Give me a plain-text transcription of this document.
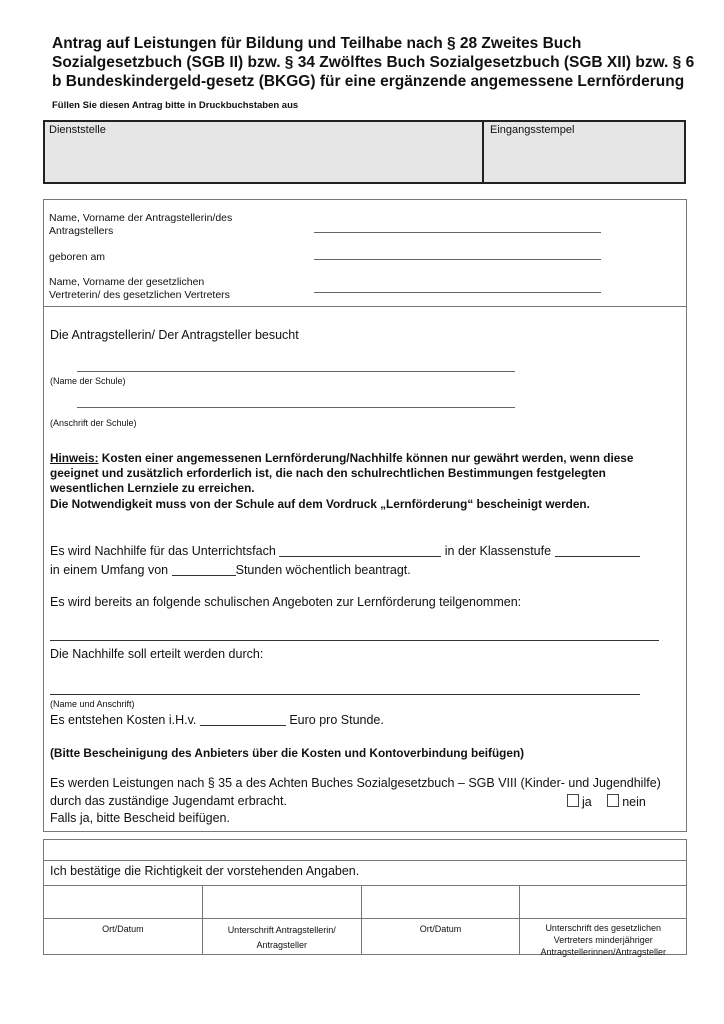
Antrag auf Leistungen für Bildung und Teilhabe nach § 28 Zweites Buch Sozialgesetzbuch (SGB II) bzw. § 34 Zwölftes Buch Sozialgesetzbuch (SGB XII) bzw. § 6 b Bundeskindergeld-gesetz (BKGG) für eine ergänzende angemessene Lernförderung
Füllen Sie diesen Antrag bitte in Druckbuchstaben aus
Dienststelle	Eingangsstempel
Name, Vorname der Antragstellerin/des
Antragstellers
geboren am
Name, Vorname der gesetzlichen
Vertreterin/ des gesetzlichen Vertreters
Die Antragstellerin/ Der Antragsteller besucht
(Name der Schule)
(Anschrift der Schule)
Hinweis: Kosten einer angemessenen Lernförderung/Nachhilfe können nur gewährt werden, wenn diese geeignet und zusätzlich erforderlich ist, die nach den schulrechtlichen Bestimmungen festgelegten wesentlichen Lernziele zu erreichen.
Die Notwendigkeit muss von der Schule auf dem Vordruck „Lernförderung“ bescheinigt werden.
Es wird Nachhilfe für das Unterrichtsfach	in der Klassenstufe
in einem Umfang von	Stunden wöchentlich beantragt.
Es wird bereits an folgende schulischen Angeboten zur Lernförderung teilgenommen:
Die Nachhilfe soll erteilt werden durch:
(Name und Anschrift)
Es entstehen Kosten i.H.v.	Euro pro Stunde.
(Bitte Bescheinigung des Anbieters über die Kosten und Kontoverbindung beifügen)
Es werden Leistungen nach § 35 a des Achten Buches Sozialgesetzbuch – SGB VIII (Kinder- und Jugendhilfe)
durch das zuständige Jugendamt erbracht.	ja nein
Falls ja, bitte Bescheid beifügen.
Ich bestätige die Richtigkeit der vorstehenden Angaben.
Ort/Datum	Unterschrift Antragstellerin/ Antragsteller
Ort/Datum	Unterschrift des gesetzlichen Vertreters minderjähriger Antragstellerinnen/Antragsteller
